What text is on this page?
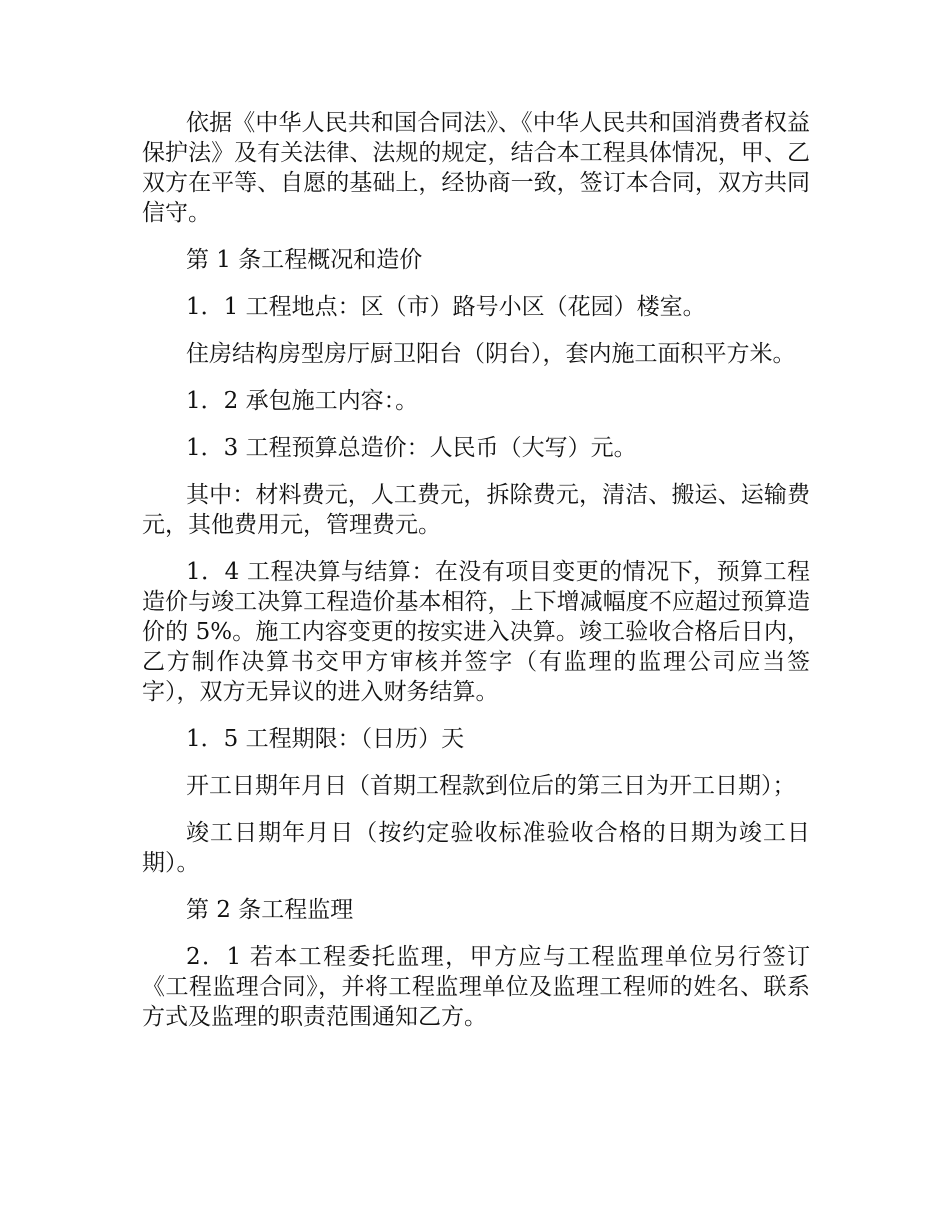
依据《中华人民共和国合同法》、《中华人民共和国消费者权益保护法》及有关法律、法规的规定，结合本工程具体情况，甲、乙双方在平等、自愿的基础上，经协商一致，签订本合同，双方共同信守。

第 1 条工程概况和造价

1．1 工程地点：区（市）路号小区（花园）楼室。

住房结构房型房厅厨卫阳台（阴台），套内施工面积平方米。

1．2 承包施工内容：。

1．3 工程预算总造价：人民币（大写）元。

其中：材料费元，人工费元，拆除费元，清洁、搬运、运输费元，其他费用元，管理费元。

1．4 工程决算与结算：在没有项目变更的情况下，预算工程造价与竣工决算工程造价基本相符，上下增减幅度不应超过预算造价的 5%。施工内容变更的按实进入决算。竣工验收合格后日内，乙方制作决算书交甲方审核并签字（有监理的监理公司应当签字），双方无异议的进入财务结算。

1．5 工程期限：（日历）天

开工日期年月日（首期工程款到位后的第三日为开工日期）；

竣工日期年月日（按约定验收标准验收合格的日期为竣工日期）。

第 2 条工程监理

2．1 若本工程委托监理，甲方应与工程监理单位另行签订《工程监理合同》，并将工程监理单位及监理工程师的姓名、联系方式及监理的职责范围通知乙方。
